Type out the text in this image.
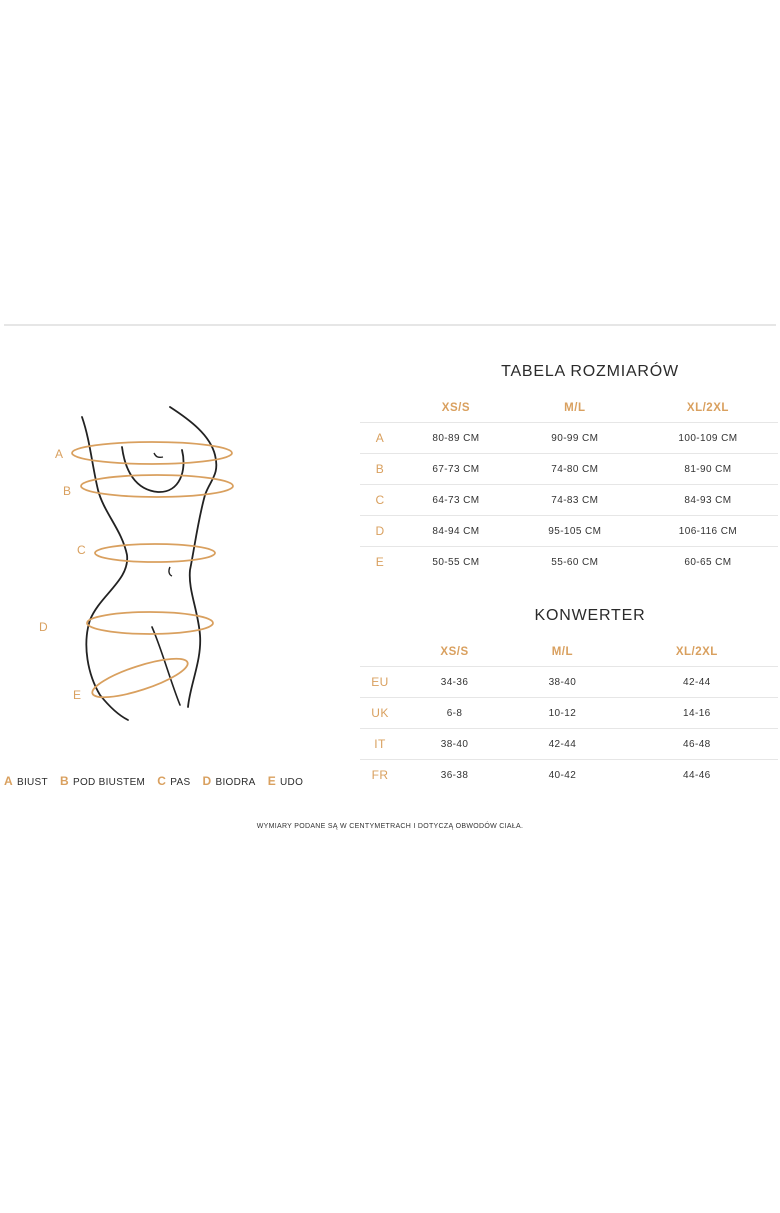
A
B
C
D
E
A BIUST B POD BIUSTEM C PAS D BIODRA E UDO
TABELA ROZMIARÓW
	XS/S	M/L	XL/2XL
A	80-89 CM	90-99 CM	100-109 CM
B	67-73 CM	74-80 CM	81-90 CM
C	64-73 CM	74-83 CM	84-93 CM
D	84-94 CM	95-105 CM	106-116 CM
E	50-55 CM	55-60 CM	60-65 CM
KONWERTER
	XS/S	M/L	XL/2XL
EU	34-36	38-40	42-44
UK	6-8	10-12	14-16
IT	38-40	42-44	46-48
FR	36-38	40-42	44-46
WYMIARY PODANE SĄ W CENTYMETRACH I DOTYCZĄ OBWODÓW CIAŁA.
